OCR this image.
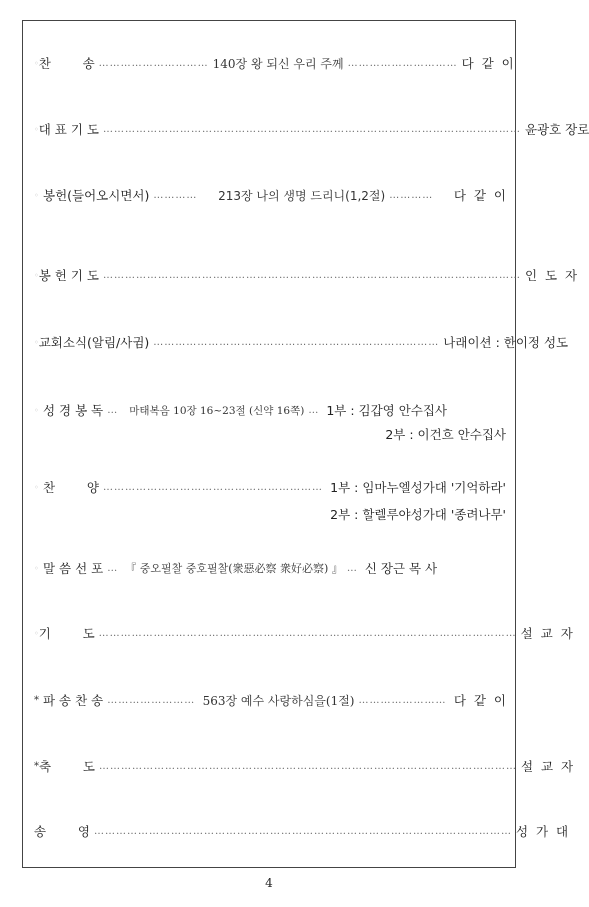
◦ 찬        송 ………………………… 140장 왕 되신 우리 주께 ………………………… 다  같  이
◦ 대 표 기 도 …………………………………………………………………………………………………… 윤광호 장로
◦ 봉헌(들어오시면서) …………	213장 나의 생명 드리니(1,2절) …………	다  같  이
◦ 봉 헌 기 도 …………………………………………………………………………………………………… 인  도  자
◦ 교회소식(알림/사귐) …………………………………………………………………… 나래이션 : 한이정 성도
◦ 성 경 봉 독 …	마태복음 10장 16~23절 (신약 16쪽) … 1부 : 김갑영 안수집사
2부 : 이건흐 안수집사
◦ 찬        양 …………………………………………………… 1부 : 임마누엘성가대 '기억하라'
2부 : 할렐루야성가대 '종려나무'
◦ 말 씀 선 포 … 『 중오필찰 중호필찰(衆惡必察 衆好必察) 』 … 신 장근 목 사
◦ 기        도 …………………………………………………………………………………………………… 설  교  자
* 파 송 찬 송 …………………… 563장 예수 사랑하심을(1절) …………………… 다  같  이
* 축        도 …………………………………………………………………………………………………… 설  교  자
송        영 …………………………………………………………………………………………………… 성  가  대
4
